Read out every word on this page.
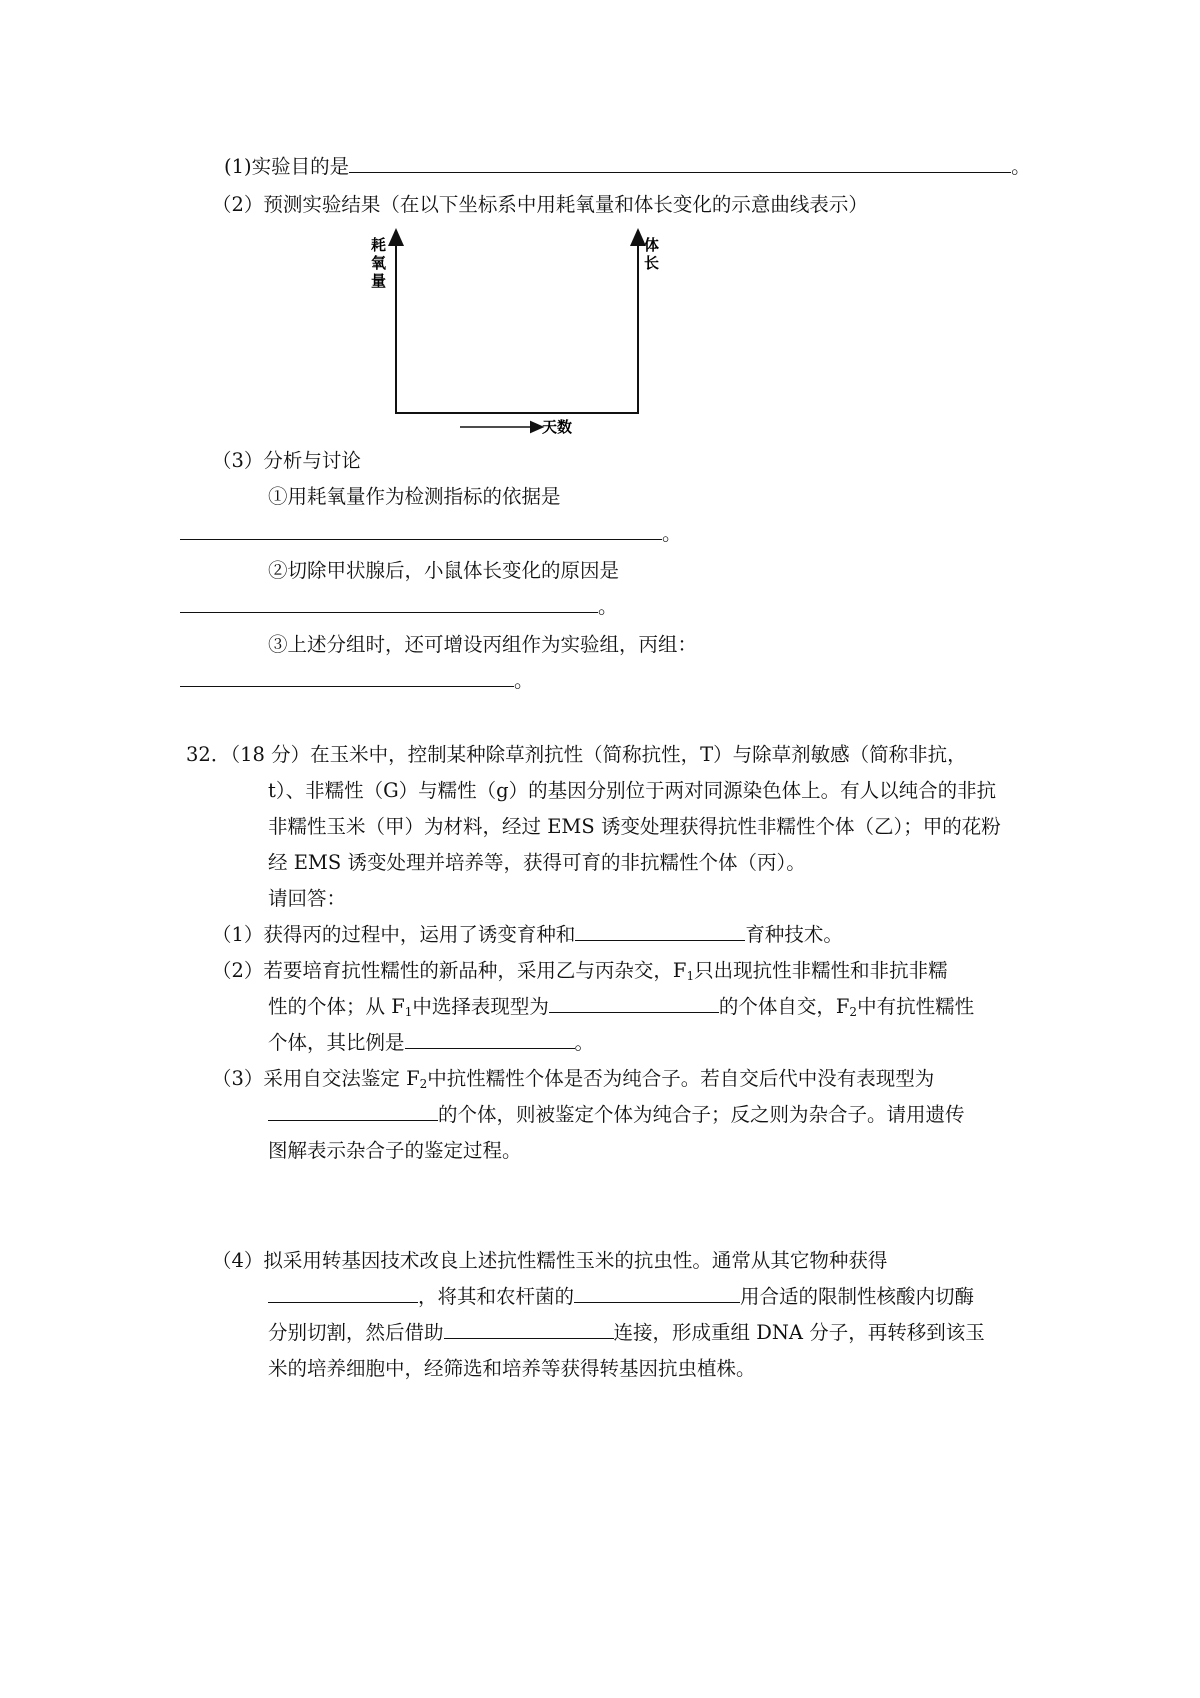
(1)实验目的是	。
（2）预测实验结果（在以下坐标系中用耗氧量和体长变化的示意曲线表示）
耗
氧
量
体
长
天数
（3）分析与讨论
①用耗氧量作为检测指标的依据是
。
②切除甲状腺后，小鼠体长变化的原因是
。
③上述分组时，还可增设丙组作为实验组，丙组：
。
32．（18 分）在玉米中，控制某种除草剂抗性（简称抗性，T）与除草剂敏感（简称非抗，
t）、非糯性（G）与糯性（g）的基因分别位于两对同源染色体上。有人以纯合的非抗
非糯性玉米（甲）为材料，经过 EMS 诱变处理获得抗性非糯性个体（乙）；甲的花粉
经 EMS 诱变处理并培养等，获得可育的非抗糯性个体（丙）。
请回答：
（1）获得丙的过程中，运用了诱变育种和	育种技术。
（2）若要培育抗性糯性的新品种，采用乙与丙杂交，$F_1$只出现抗性非糯性和非抗非糯
性的个体；从 $F_1$中选择表现型为	的个体自交，$F_2$中有抗性糯性
个体，其比例是	。
（3）采用自交法鉴定 $F_2$中抗性糯性个体是否为纯合子。若自交后代中没有表现型为
的个体，则被鉴定个体为纯合子；反之则为杂合子。请用遗传
图解表示杂合子的鉴定过程。
（4）拟采用转基因技术改良上述抗性糯性玉米的抗虫性。通常从其它物种获得
，将其和农杆菌的	用合适的限制性核酸内切酶
分别切割，然后借助	连接，形成重组 DNA 分子，再转移到该玉
米的培养细胞中，经筛选和培养等获得转基因抗虫植株。
